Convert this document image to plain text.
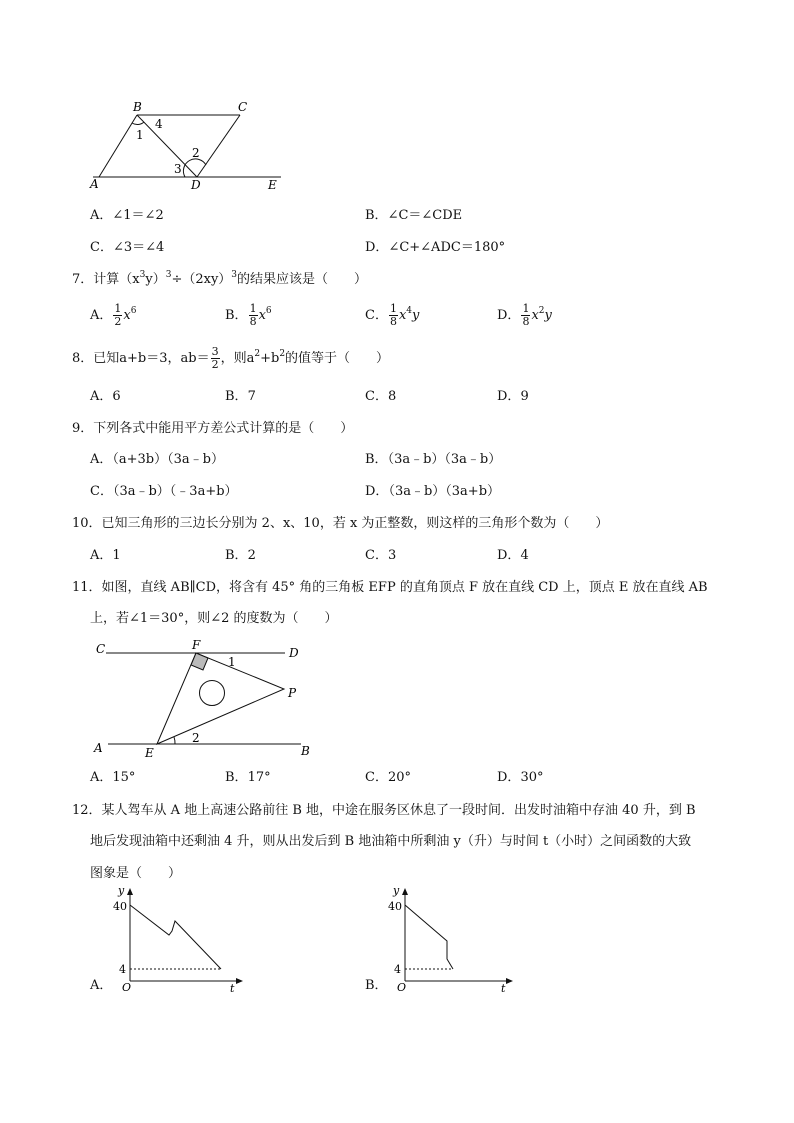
B	C
A	D	E
1
4
3
2
A．∠1＝∠2	B．∠C＝∠CDE
C．∠3＝∠4	D．∠C+∠ADC＝180°
7．计算$(x^3y)^3\div(2xy)^3$的结果应该是（　　）
A． $\frac{1}{2} x^6$	B． $\frac{1}{8} x^6$	C． $\frac{1}{8} x^4y$	D． $\frac{1}{8} x^2y$
8．已知a+b＝3，$ab= \frac{3}{2}$ ，则$a^2+b^2$的值等于（　　）
A．6	B．7	C．8	D．9
9．下列各式中能用平方差公式计算的是（　　）
A．（a+3b）（3a﹣b）	B．（3a﹣b）（3a﹣b）
C．（3a﹣b）（﹣3a+b）	D．（3a﹣b）（3a+b）
10．已知三角形的三边长分别为 2、x、10，若 x 为正整数，则这样的三角形个数为（　　）
A．1	B．2	C．3	D．4
11．如图，直线 AB∥CD，将含有 45° 角的三角板 EFP 的直角顶点 F 放在直线 CD 上，顶点 E 放在直线 AB
上，若∠1＝30°，则∠2 的度数为（　　）
C	D
F
P
A	B
E
1
2
A．15°	B．17°	C．20°	D．30°
12．某人驾车从 A 地上高速公路前往 B 地，中途在服务区休息了一段时间．出发时油箱中存油 40 升，到 B
地后发现油箱中还剩油 4 升，则从出发后到 B 地油箱中所剩油 y（升）与时间 t（小时）之间函数的大致
图象是（　　）
A．
y
40
4
O	t	B．
y
40
4
O	t
